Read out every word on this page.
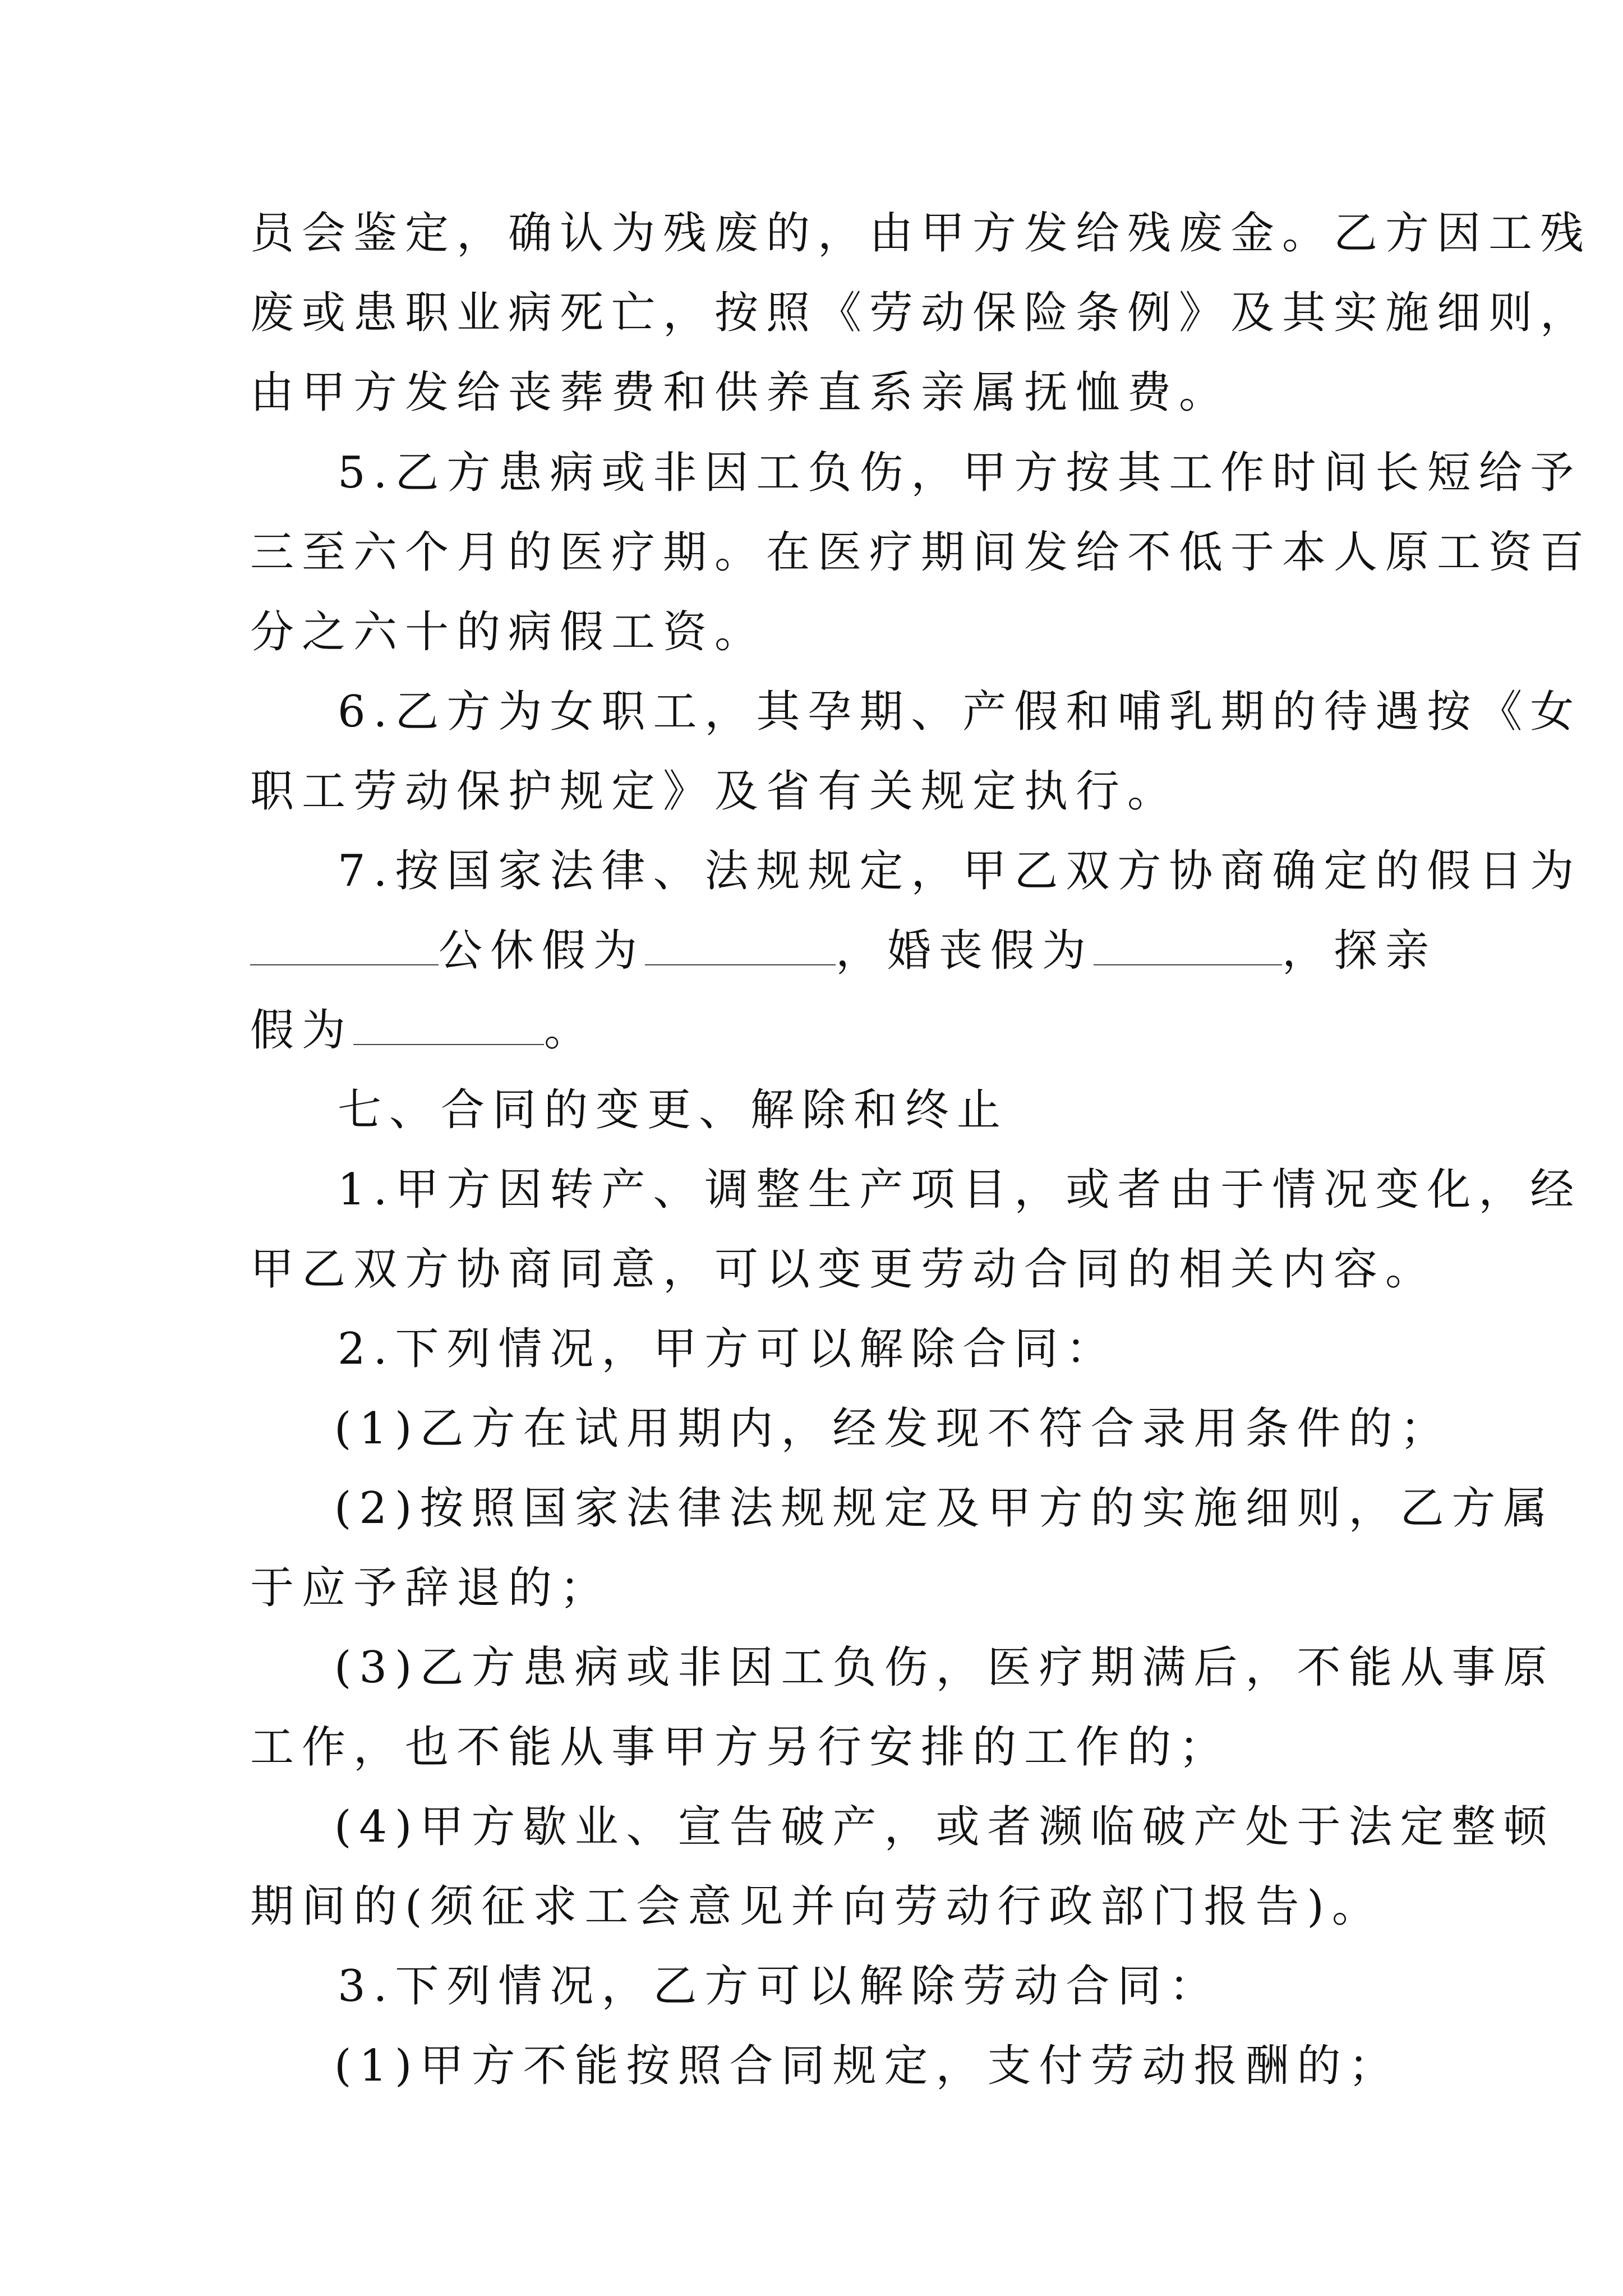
员会鉴定，确认为残废的，由甲方发给残废金。乙方因工残
废或患职业病死亡，按照《劳动保险条例》及其实施细则，
由甲方发给丧葬费和供养直系亲属抚恤费。
5.乙方患病或非因工负伤，甲方按其工作时间长短给予
三至六个月的医疗期。在医疗期间发给不低于本人原工资百
分之六十的病假工资。
6.乙方为女职工，其孕期、产假和哺乳期的待遇按《女
职工劳动保护规定》及省有关规定执行。
7.按国家法律、法规规定，甲乙双方协商确定的假日为
公休假为	，婚丧假为	，探亲
假为	。
七、合同的变更、解除和终止
1.甲方因转产、调整生产项目，或者由于情况变化，经
甲乙双方协商同意，可以变更劳动合同的相关内容。
2.下列情况，甲方可以解除合同：
(1)乙方在试用期内，经发现不符合录用条件的；
(2)按照国家法律法规规定及甲方的实施细则，乙方属
于应予辞退的；
(3)乙方患病或非因工负伤，医疗期满后，不能从事原
工作，也不能从事甲方另行安排的工作的；
(4)甲方歇业、宣告破产，或者濒临破产处于法定整顿
期间的(须征求工会意见并向劳动行政部门报告)。
3.下列情况，乙方可以解除劳动合同：
(1)甲方不能按照合同规定，支付劳动报酬的；
